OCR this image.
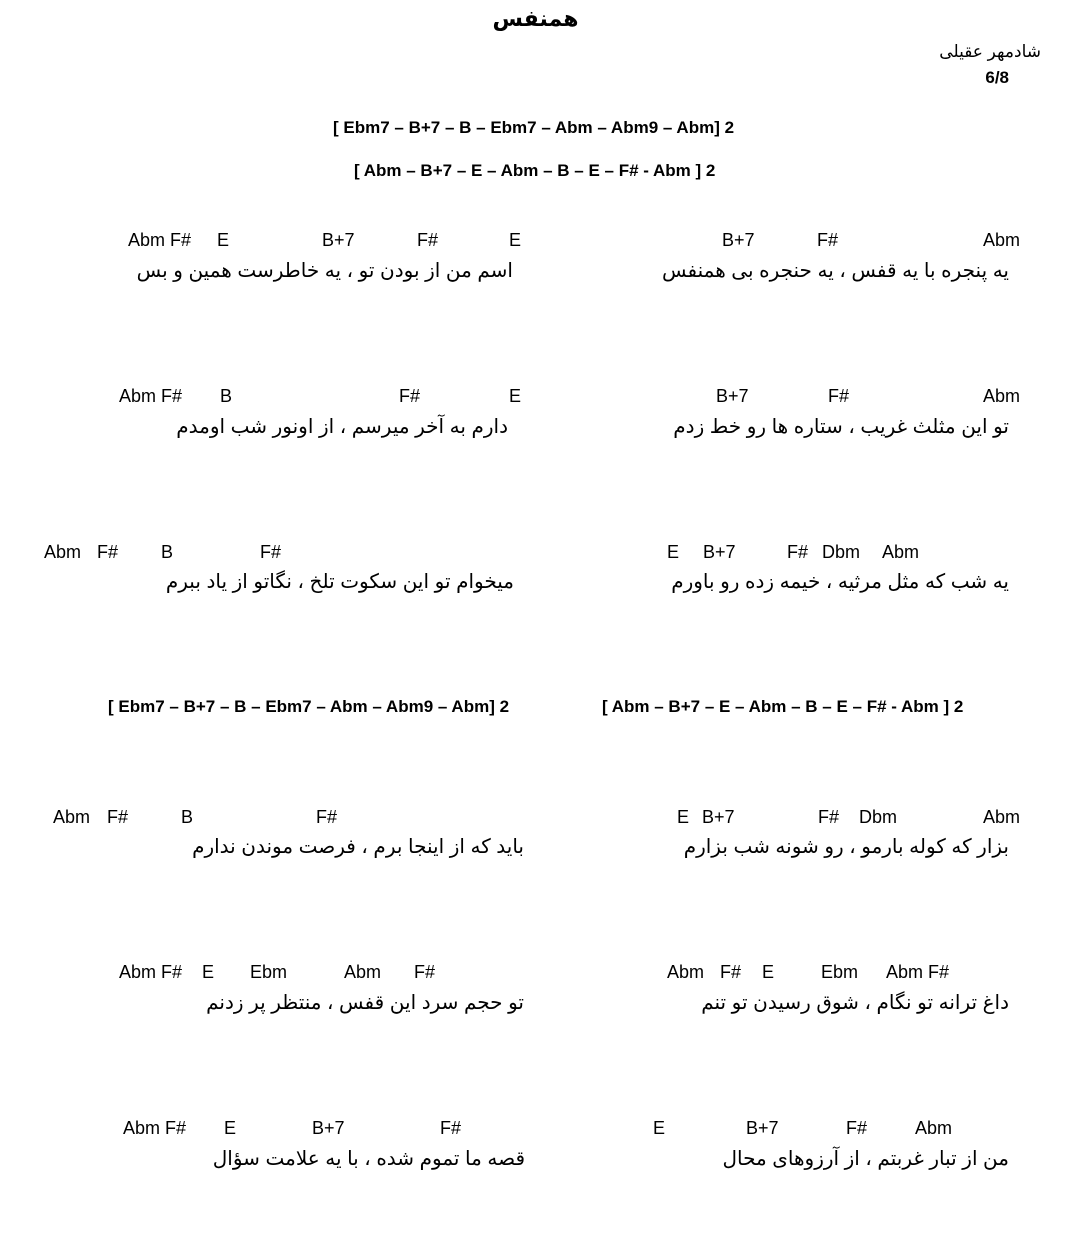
همنفس
شادمهر عقیلی
6/8
[ Ebm7 – B+7 – B – Ebm7 – Abm – Abm9 – Abm] 2
[ Abm – B+7 – E – Abm – B – E – F# - Abm ] 2
B+7	F#	Abm
یه پنجره با یه قفس ، یه حنجره بی همنفس
Abm F# E	B+7	F#	E
اسم من از بودن تو ، یه خاطرست همین و بس
B+7	F#	Abm
تو این مثلث غریب ، ستاره ها رو خط زدم
Abm F# B	F#	E
دارم به آخر میرسم ، از اونور شب اومدم
E B+7	F# Dbm Abm
یه شب که مثل مرثیه ، خیمه زده رو باورم
Abm F# B	F#
میخوام تو این سکوت تلخ ، نگاتو از یاد ببرم
[ Ebm7 – B+7 – B – Ebm7 – Abm – Abm9 – Abm] 2	[ Abm – B+7 – E – Abm – B – E – F# - Abm ] 2
E B+7	F# Dbm	Abm
بزار که کوله بارمو ، رو شونه شب بزارم
Abm F#	B	F#
باید که از اینجا برم ، فرصت موندن ندارم
Abm F# E	Ebm Abm F#
داغ ترانه تو نگام ، شوق رسیدن تو تنم
Abm F# E Ebm	Abm F#
تو حجم سرد این قفس ، منتظر پر زدنم
E	B+7	F#	Abm
من از تبار غربتم ، از آرزوهای محال
Abm F# E	B+7	F#
قصه ما تموم شده ، با یه علامت سؤال
